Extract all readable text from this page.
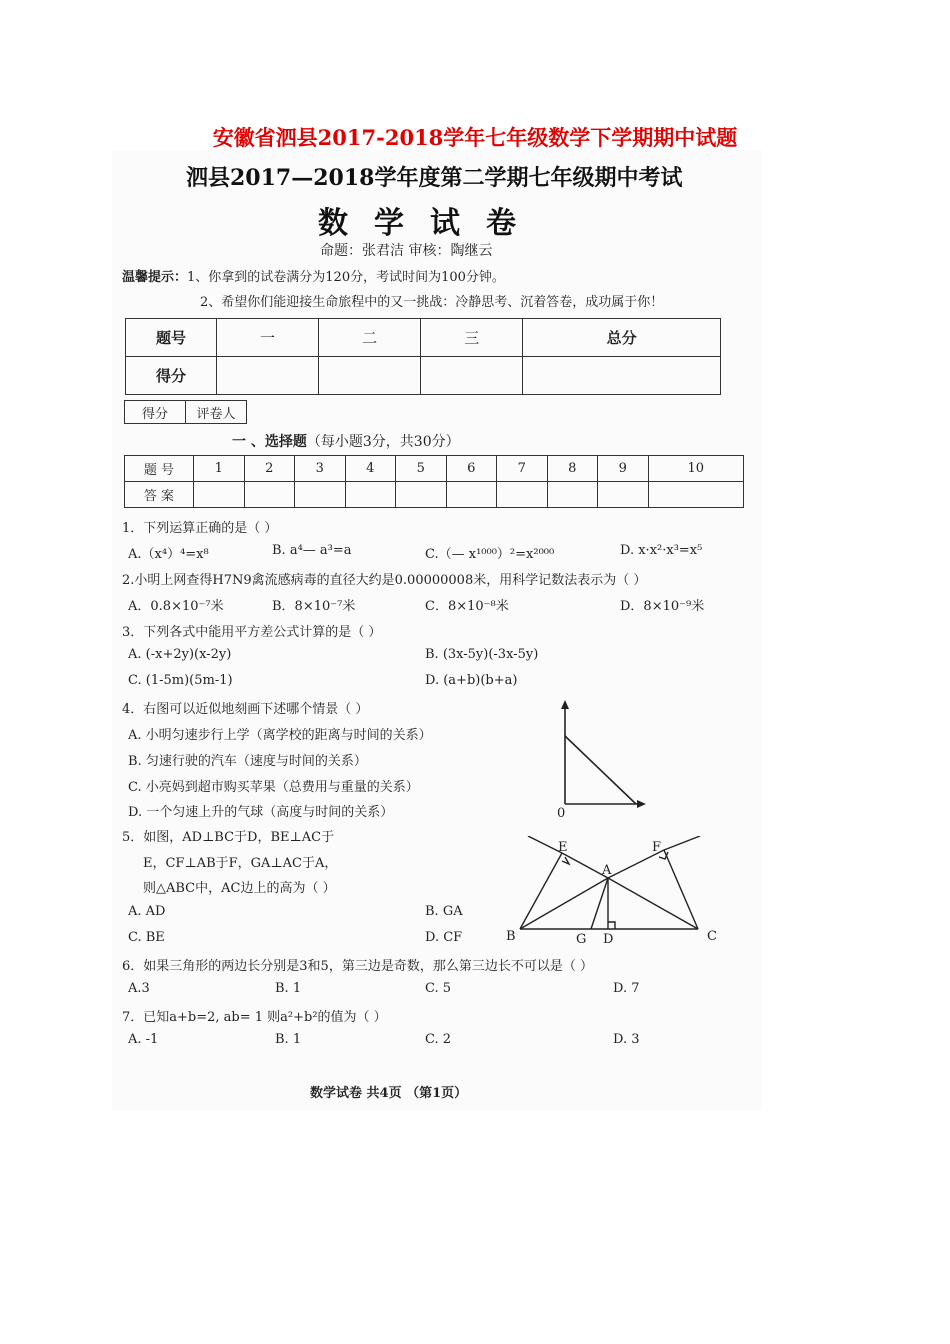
安徽省泗县2017-2018学年七年级数学下学期期中试题
泗县2017—2018学年度第二学期七年级期中考试
数学试卷
命题：张君洁 审核：陶继云
温馨提示：1、你拿到的试卷满分为120分，考试时间为100分钟。
2、希望你们能迎接生命旅程中的又一挑战：冷静思考、沉着答卷，成功属于你！
题号	一	二	三	总分
得分				
得分	评卷人
一 、选择题（每小题3分，共30分）
题 号	1	2	3	4	5	6	7	8	9	10
答 案										
1．下列运算正确的是（ ）
A.（x⁴）⁴=x⁸	B. a⁴— a³=a	C.（— x¹⁰⁰⁰）²=x²⁰⁰⁰	D. x·x²·x³=x⁵
2.小明上网查得H7N9禽流感病毒的直径大约是0.00000008米，用科学记数法表示为（ ）
A．0.8×10⁻⁷米	B．8×10⁻⁷米	C．8×10⁻⁸米	D．8×10⁻⁹米
3．下列各式中能用平方差公式计算的是（ ）
A. (-x+2y)(x-2y)	B. (3x-5y)(-3x-5y)
C. (1-5m)(5m-1)	D. (a+b)(b+a)
4．右图可以近似地刻画下述哪个情景（ ）
A. 小明匀速步行上学（离学校的距离与时间的关系）
B. 匀速行驶的汽车（速度与时间的关系）
C. 小亮妈到超市购买苹果（总费用与重量的关系）
D. 一个匀速上升的气球（高度与时间的关系）	0
5．如图，AD⊥BC于D，BE⊥AC于
E，CF⊥AB于F，GA⊥AC于A，
则△ABC中，AC边上的高为（ ）
A. AD	B. GA
C. BE	D. CF
E	F
A
B	G D	C
6．如果三角形的两边长分别是3和5，第三边是奇数，那么第三边长不可以是（ ）
A.3	B. 1	C. 5	D. 7
7．已知a+b=2, ab= 1 则a²+b²的值为（ ）
A. -1	B. 1	C. 2	D. 3
数学试卷 共4页 （第1页）
